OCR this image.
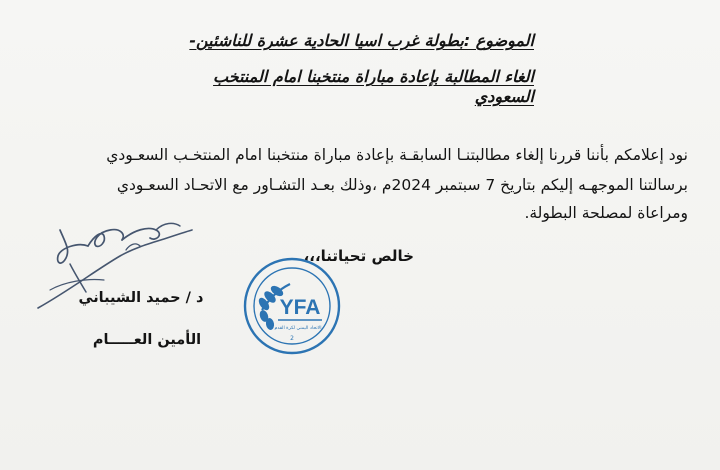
الموضوع :بطولة غرب اسيا الحادية عشرة للناشئين-
الغاء المطالبة بإعادة مباراة منتخبنا امام المنتخب السعودي
نود إعلامكم بأننا قررنا إلغاء مطالبتنـا السابقـة بإعادة مباراة منتخبنا امام المنتخـب السعـودي
برسالتنا الموجهـه إليكم بتاريخ 7 سبتمبر 2024م ،وذلك بعـد التشـاور مع الاتحـاد السعـودي
ومراعاة لمصلحة البطولة.
خالص تحياتنا،،،
د / حميد الشيباني
الأمين العـــــام
YFA
الاتحاد اليمني لكرة القدم
2
